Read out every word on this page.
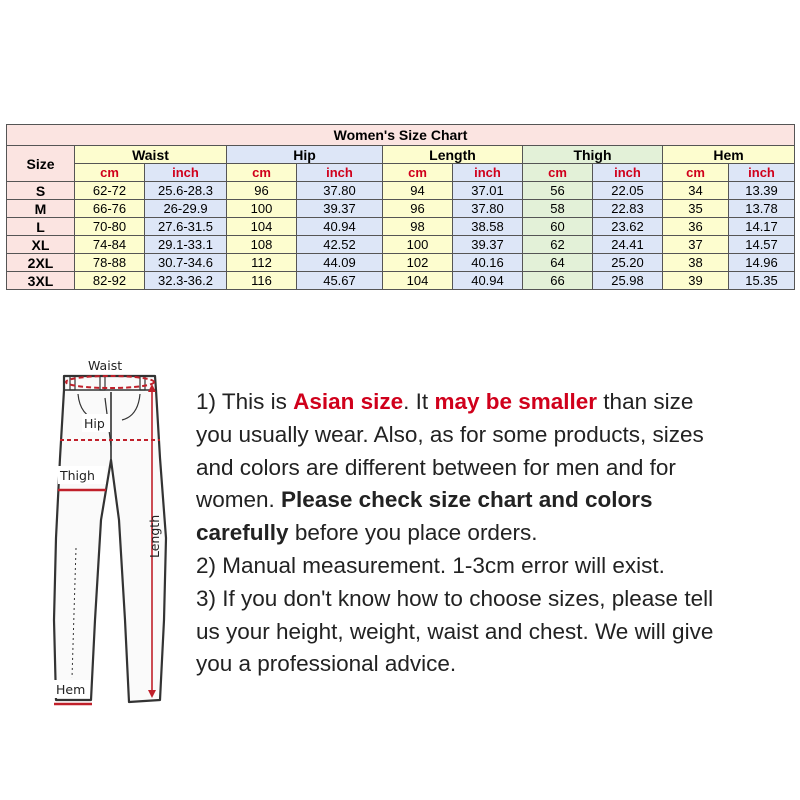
Women's Size Chart										
Size	Waist		Hip		Length		Thigh		Hem	
	cm	inch	cm	inch	cm	inch	cm	inch	cm	inch
S	62-72	25.6-28.3	96	37.80	94	37.01	56	22.05	34	13.39
M	66-76	26-29.9	100	39.37	96	37.80	58	22.83	35	13.78
L	70-80	27.6-31.5	104	40.94	98	38.58	60	23.62	36	14.17
XL	74-84	29.1-33.1	108	42.52	100	39.37	62	24.41	37	14.57
2XL	78-88	30.7-34.6	112	44.09	102	40.16	64	25.20	38	14.96
3XL	82-92	32.3-36.2	116	45.67	104	40.94	66	25.98	39	15.35
Waist
Hip
Thigh
Length
Hem

1) This is Asian size. It may be smaller than size

you usually wear. Also, as for some products, sizes

and colors are different between for men and for

women. Please check size chart and colors

carefully before you place orders.

2) Manual measurement. 1-3cm error will exist.

3) If you don't know how to choose sizes, please tell

us your height, weight, waist and chest. We will give

you a professional advice.
